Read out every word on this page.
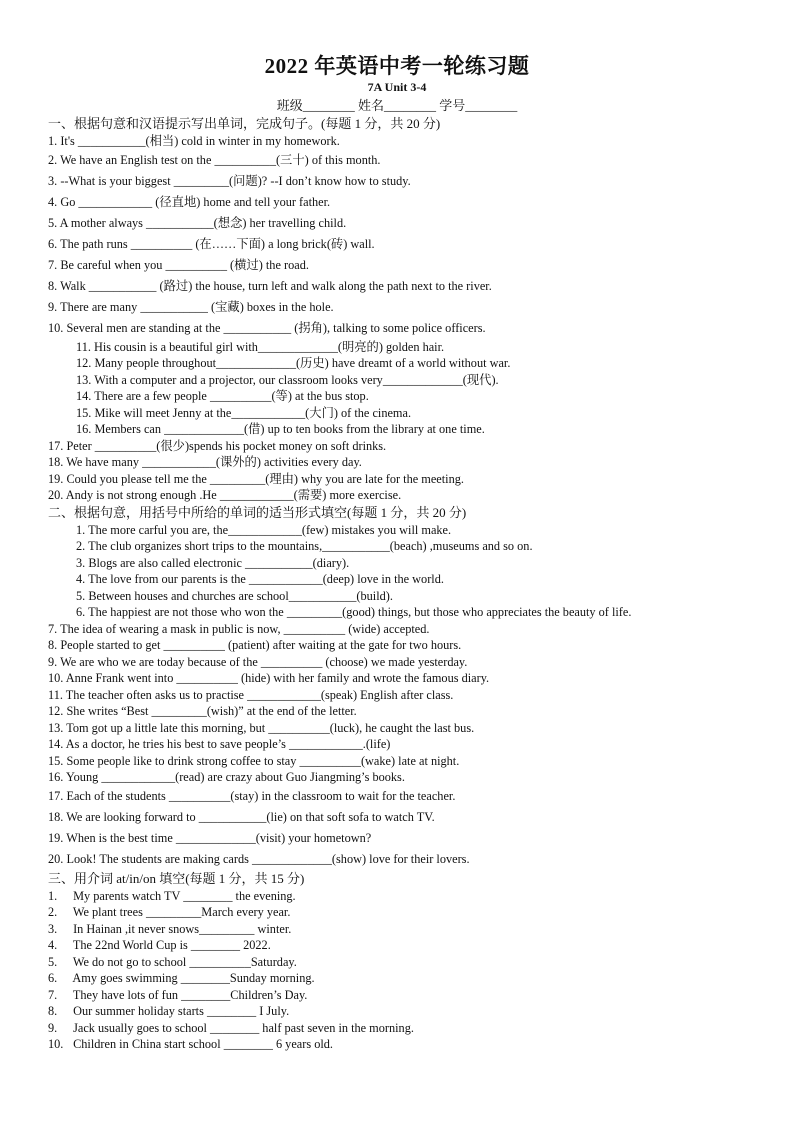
2022 年英语中考一轮练习题
7A Unit 3-4
班级________ 姓名________ 学号________
一、根据句意和汉语提示写出单词，完成句子。(每题 1 分，共 20 分)
1. It's ___________(相当) cold in winter in my homework.
2. We have an English test on the __________(三十) of this month.
3. --What is your biggest _________(问题)? --I don’t know how to study.
4. Go ____________ (径直地) home and tell your father.
5. A mother always ___________(想念) her travelling child.
6. The path runs __________ (在……下面) a long brick(砖) wall.
7. Be careful when you __________ (横过) the road.
8. Walk ___________ (路过) the house, turn left and walk along the path next to the river.
9. There are many ___________ (宝藏) boxes in the hole.
10. Several men are standing at the ___________ (拐角), talking to some police officers.
11. His cousin is a beautiful girl with_____________(明亮的) golden hair.
12. Many people throughout_____________(历史) have dreamt of a world without war.
13. With a computer and a projector, our classroom looks very_____________(现代).
14. There are a few people __________(等) at the bus stop.
15. Mike will meet Jenny at the____________(大门) of the cinema.
16. Members can _____________(借) up to ten books from the library at one time.
17. Peter __________(很少)spends his pocket money on soft drinks.
18. We have many ____________(课外的) activities every day.
19. Could you please tell me the _________(理由) why you are late for the meeting.
20. Andy is not strong enough .He ____________(需要) more exercise.
二、根据句意，用括号中所给的单词的适当形式填空(每题 1 分，共 20 分)
1. The more carful you are, the____________(few) mistakes you will make.
2. The club organizes short trips to the mountains,___________(beach) ,museums and so on.
3. Blogs are also called electronic ___________(diary).
4. The love from our parents is the ____________(deep) love in the world.
5. Between houses and churches are school___________(build).
6. The happiest are not those who won the _________(good) things, but those who appreciates the beauty of life.
7. The idea of wearing a mask in public is now, __________ (wide) accepted.
8. People started to get __________ (patient) after waiting at the gate for two hours.
9. We are who we are today because of the __________ (choose) we made yesterday.
10. Anne Frank went into __________ (hide) with her family and wrote the famous diary.
11. The teacher often asks us to practise ____________(speak) English after class.
12. She writes “Best _________(wish)” at the end of the letter.
13. Tom got up a little late this morning, but __________(luck), he caught the last bus.
14. As a doctor, he tries his best to save people’s ____________.(life)
15. Some people like to drink strong coffee to stay __________(wake) late at night.
16. Young ____________(read) are crazy about Guo Jiangming’s books.
17. Each of the students __________(stay) in the classroom to wait for the teacher.
18. We are looking forward to ___________(lie) on that soft sofa to watch TV.
19. When is the best time _____________(visit) your hometown?
20. Look! The students are making cards _____________(show) love for their lovers.
三、用介词 at/in/on 填空(每题 1 分，共 15 分)
1. My parents watch TV ________ the evening.
2. We plant trees _________March every year.
3. In Hainan ,it never snows_________ winter.
4. The 22nd World Cup is ________ 2022.
5. We do not go to school __________Saturday.
6. Amy goes swimming ________Sunday morning.
7. They have lots of fun ________Children’s Day.
8. Our summer holiday starts ________ I July.
9. Jack usually goes to school ________ half past seven in the morning.
10. Children in China start school ________ 6 years old.
